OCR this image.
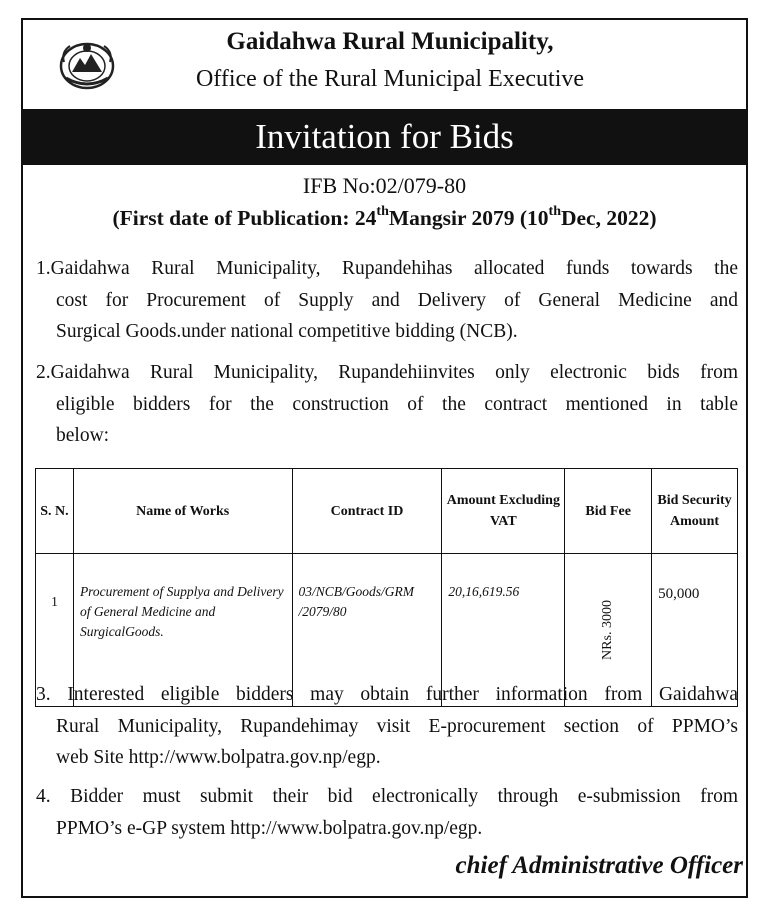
Gaidahwa Rural Municipality,
Office of the Rural Municipal Executive
Invitation for Bids
IFB No:02/079-80
(First date of Publication: 24thMangsir 2079 (10thDec, 2022)
1.Gaidahwa Rural Municipality, Rupandehihas allocated funds towards the
cost for Procurement of Supply and Delivery of General Medicine and
Surgical Goods.under national competitive bidding (NCB).
2.Gaidahwa Rural Municipality, Rupandehiinvites only electronic bids from
eligible bidders for the construction of the contract mentioned in table
below:
S. N.	Name of Works	Contract ID	Amount Excluding VAT	Bid Fee	Bid Security Amount
1	Procurement of Supplya and Delivery of General Medicine and SurgicalGoods.	03/NCB/Goods/GRM /2079/80	20,16,619.56	NRs. 3000	50,000
3. Interested eligible bidders may obtain further information from Gaidahwa
Rural Municipality, Rupandehimay visit E-procurement section of PPMO’s
web Site http://www.bolpatra.gov.np/egp.
4. Bidder must submit their bid electronically through e-submission from
PPMO’s e-GP system http://www.bolpatra.gov.np/egp.
chief Administrative Officer
